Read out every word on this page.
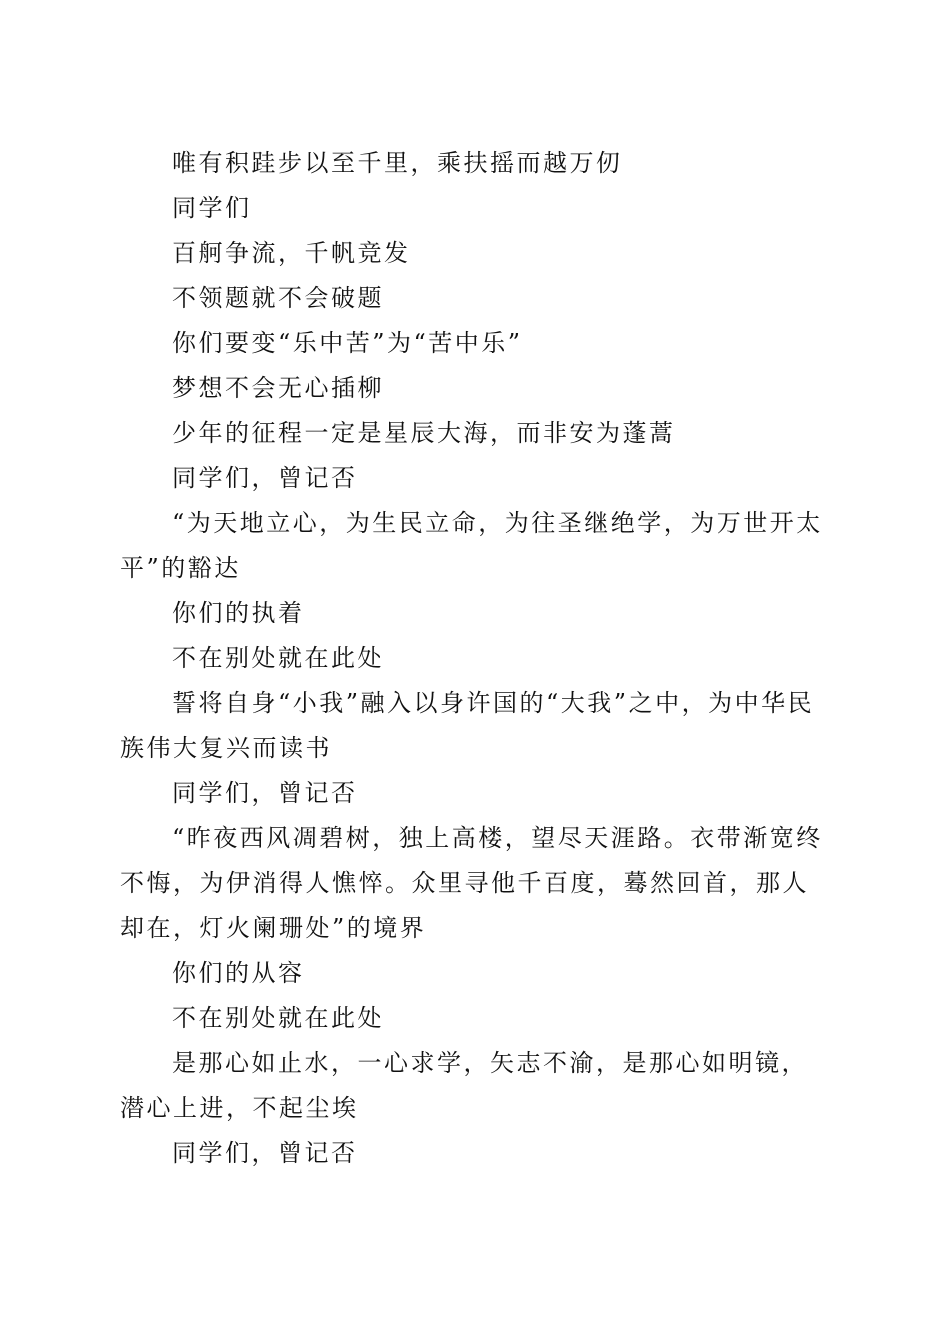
唯有积跬步以至千里，乘扶摇而越万仞

同学们

百舸争流，千帆竞发

不领题就不会破题

你们要变“乐中苦”为“苦中乐”

梦想不会无心插柳

少年的征程一定是星辰大海，而非安为蓬蒿

同学们，曾记否

“为天地立心，为生民立命，为往圣继绝学，为万世开太平”的豁达

你们的执着

不在别处就在此处

誓将自身“小我”融入以身许国的“大我”之中，为中华民族伟大复兴而读书

同学们，曾记否

“昨夜西风凋碧树，独上高楼，望尽天涯路。衣带渐宽终不悔，为伊消得人憔悴。众里寻他千百度，蓦然回首，那人却在，灯火阑珊处”的境界

你们的从容

不在别处就在此处

是那心如止水，一心求学，矢志不渝，是那心如明镜，潜心上进，不起尘埃

同学们，曾记否
